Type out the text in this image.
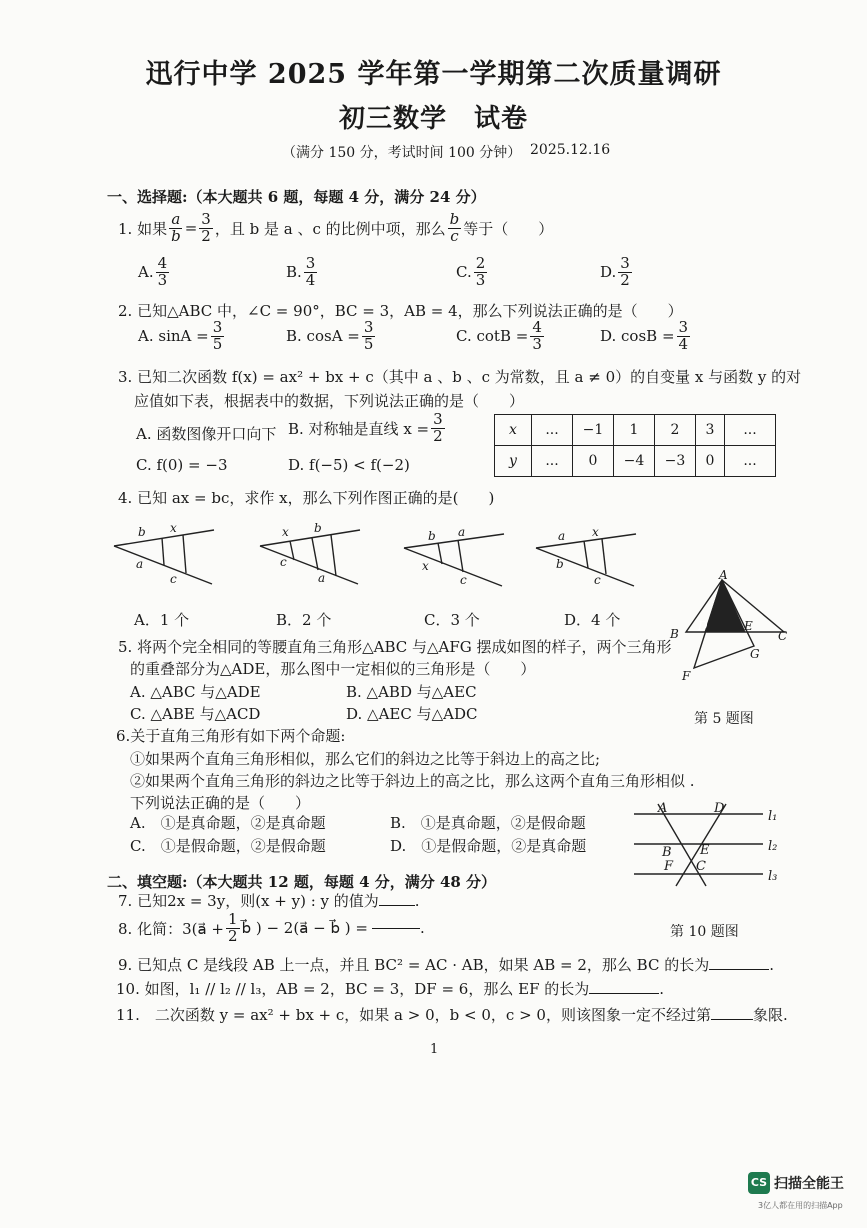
迅行中学 2025 学年第一学期第二次质量调研
初三数学　试卷
（满分 150 分，考试时间 100 分钟） 2025.12.16
一、选择题:（本大题共 6 题，每题 4 分，满分 24 分）
1. 如果 $\frac{a}{b} = \frac{3}{2}$ ，且 b 是 a 、c 的比例中项，那么 $\frac{b}{c}$ 等于（　　）
A. $\frac{4}{3}$	B. $\frac{3}{4}$	C. $\frac{2}{3}$	D. $\frac{3}{2}$
2. 已知△ABC 中，∠C = 90°，BC = 3，AB = 4，那么下列说法正确的是（　　）
A. $\sin A = \frac{3}{5}$	B. $\cos A = \frac{3}{5}$	C. $\cot B = \frac{4}{3}$	D. $\cos B = \frac{3}{4}$
3. 已知二次函数 f(x) = ax² + bx + c（其中 a 、b 、c 为常数，且 a ≠ 0）的自变量 x 与函数 y 的对
应值如下表，根据表中的数据，下列说法正确的是（　　）
A. 函数图像开口向下 B. 对称轴是直线 $x = \frac{3}{2}$
C. f(0) = −3	D. f(−5) < f(−2)
x	...	−1	1	2	3	...
y	...	0	−4	−3	0	...
4. 已知 ax = bc，求作 x，那么下列作图正确的是(　　)
b x
a
c
x b
c
a
b a
x
c
a x
b
c
A．1 个	B．2 个	C．3 个	D．4 个
A
B
D	E
C
F
G
第 5 题图
5. 将两个完全相同的等腰直角三角形△ABC 与△AFG 摆成如图的样子，两个三角形
的重叠部分为△ADE，那么图中一定相似的三角形是（　　）
A. △ABC 与△ADE	B. △ABD 与△AEC
C. △ABE 与△ACD	D. △AEC 与△ADC
6.关于直角三角形有如下两个命题:
①如果两个直角三角形相似，那么它们的斜边之比等于斜边上的高之比;
②如果两个直角三角形的斜边之比等于斜边上的高之比，那么这两个直角三角形相似 .
下列说法正确的是（　　）
A.　①是真命题，②是真命题	B.　①是真命题，②是假命题
C.　①是假命题，②是假命题	D.　①是假命题，②是真命题
A	D
l₁
E
B	l₂
F C
l₃
第 10 题图
二、填空题:（本大题共 12 题，每题 4 分，满分 48 分）
7. 已知2x = 3y，则(x + y) : y 的值为 .
8. 化简：3(a⃗ + $\frac{1}{2}$ b⃗ ) − 2(a⃗ − b⃗ ) =	.
9. 已知点 C 是线段 AB 上一点，并且 BC² = AC · AB，如果 AB = 2，那么 BC 的长为	.
10. 如图，l₁ // l₂ // l₃，AB = 2，BC = 3，DF = 6，那么 EF 的长为	.
11.　二次函数 y = ax² + bx + c，如果 a > 0，b < 0，c > 0，则该图象一定不经过第	象限.
1
CS 扫描全能王
3亿人都在用的扫描App
